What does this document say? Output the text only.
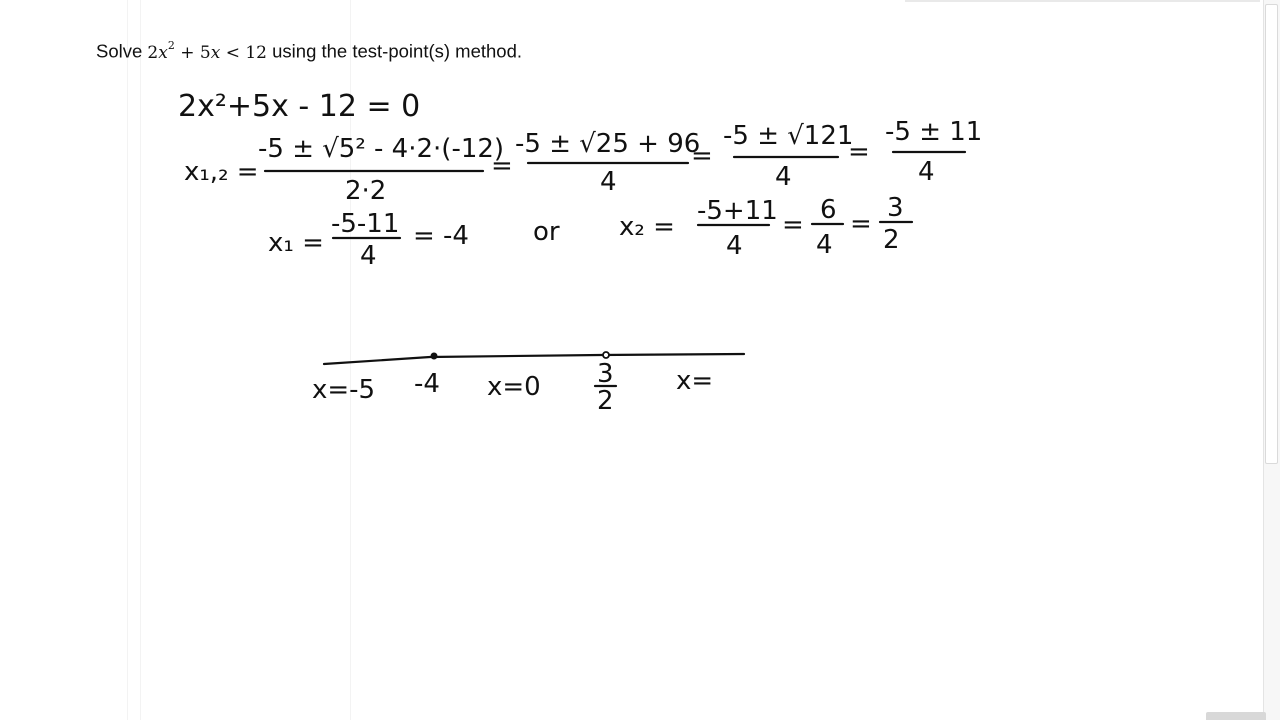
Solve $2x^2 + 5x < 12$ using the test-point(s) method.
2x²+5x - 12 = 0
x₁,₂ =
-5 ± √5² - 4·2·(-12)
2·2
=
-5 ± √25 + 96
4
=
-5 ± √121
4
=
-5 ± 11
4
x₁ =
-5-11
4
= -4 or x₂ =
-5+11
4
= 6
4
=
3
2
x=-5 -4 x=0 3
2
x=
